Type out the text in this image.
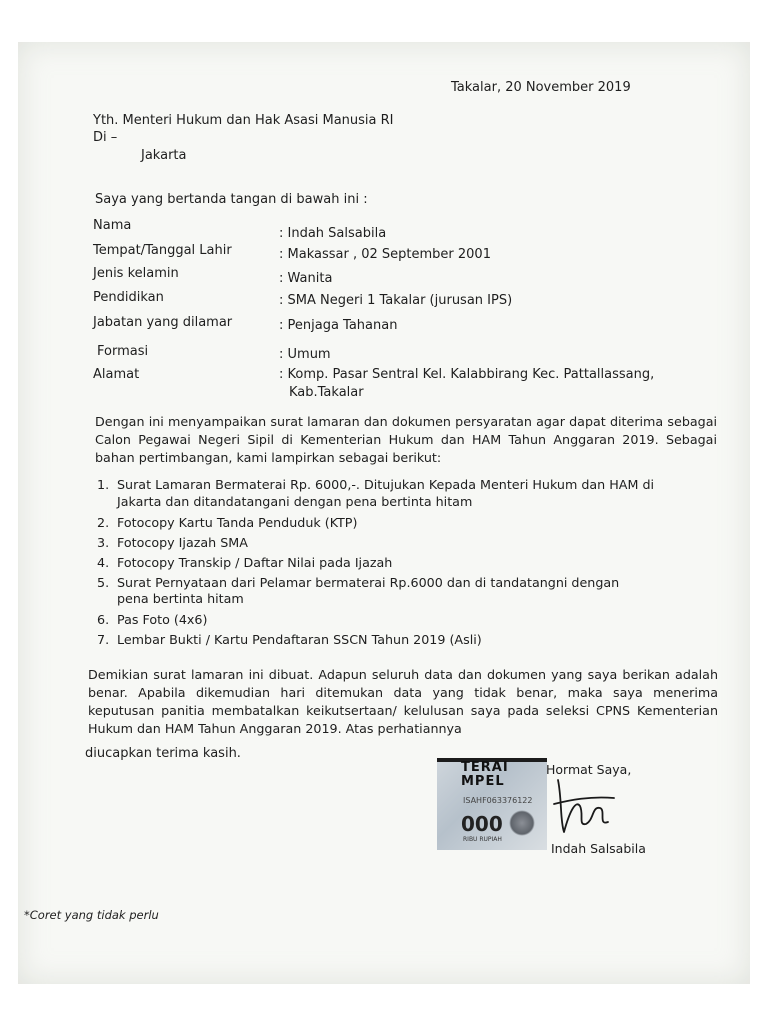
Takalar, 20 November 2019
Yth. Menteri Hukum dan Hak Asasi Manusia RI
Di –
Jakarta
Saya yang bertanda tangan di bawah ini :
Nama
: Indah Salsabila
Tempat/Tanggal Lahir	: Makassar , 02 September 2001
Jenis kelamin	: Wanita
Pendidikan	: SMA Negeri 1 Takalar (jurusan IPS)
Jabatan yang dilamar	: Penjaga Tahanan
Formasi	: Umum
Alamat	: Komp. Pasar Sentral Kel. Kalabbirang Kec. Pattallassang,
Kab.Takalar
Dengan ini menyampaikan surat lamaran dan dokumen persyaratan agar dapat diterima sebagai Calon Pegawai Negeri Sipil di Kementerian Hukum dan HAM Tahun Anggaran 2019. Sebagai bahan pertimbangan, kami lampirkan sebagai berikut:
1. Surat Lamaran Bermaterai Rp. 6000,-. Ditujukan Kepada Menteri Hukum dan HAM di
Jakarta dan ditandatangani dengan pena bertinta hitam
2. Fotocopy Kartu Tanda Penduduk (KTP)
3. Fotocopy Ijazah SMA
4. Fotocopy Transkip / Daftar Nilai pada Ijazah
5. Surat Pernyataan dari Pelamar bermaterai Rp.6000 dan di tandatangni dengan
pena bertinta hitam
6. Pas Foto (4x6)
7. Lembar Bukti / Kartu Pendaftaran SSCN Tahun 2019 (Asli)
Demikian surat lamaran ini dibuat. Adapun seluruh data dan dokumen yang saya berikan adalah benar. Apabila dikemudian hari ditemukan data yang tidak benar, maka saya menerima keputusan panitia membatalkan keikutsertaan/ kelulusan saya pada seleksi CPNS Kementerian Hukum dan HAM Tahun Anggaran 2019. Atas perhatiannya
diucapkan terima kasih.
TERAI
MPEL
ISAHF063376122
000
RIBU RUPIAH
Hormat Saya,
Indah Salsabila
*Coret yang tidak perlu
